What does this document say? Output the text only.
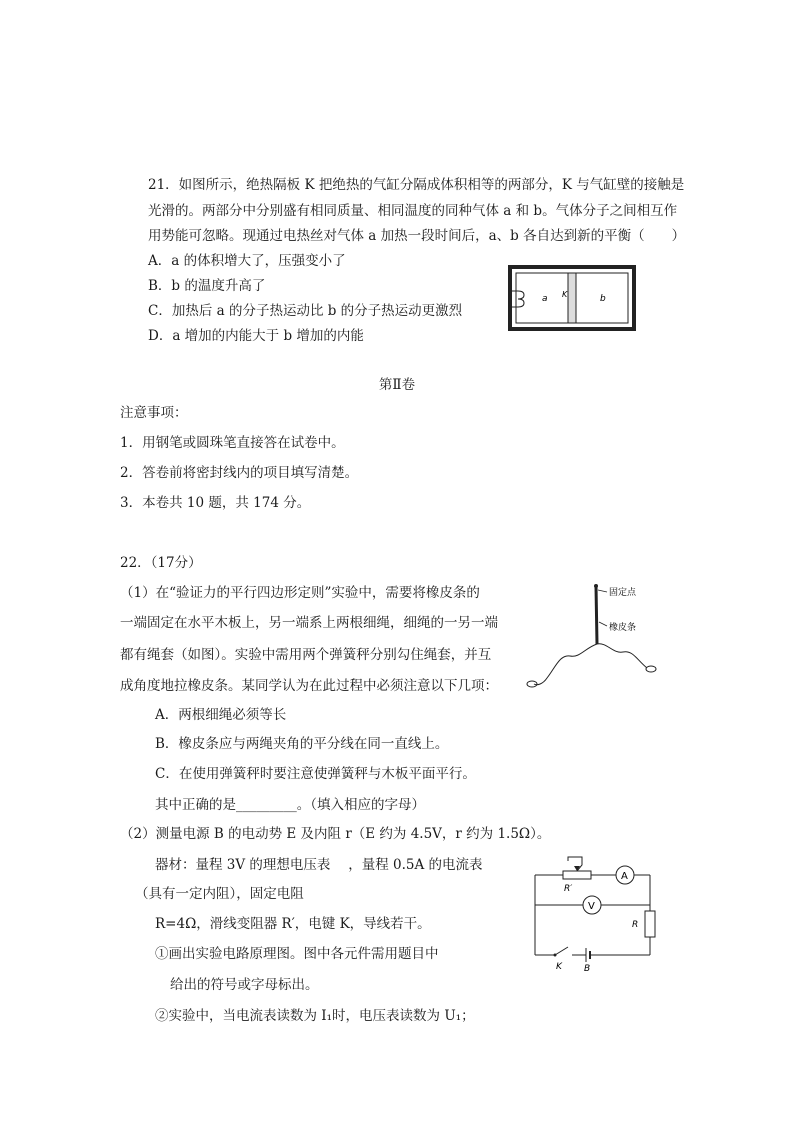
21．如图所示，绝热隔板 K 把绝热的气缸分隔成体积相等的两部分，K 与气缸壁的接触是
光滑的。两部分中分别盛有相同质量、相同温度的同种气体 a 和 b。气体分子之间相互作
用势能可忽略。现通过电热丝对气体 a 加热一段时间后，a、b 各自达到新的平衡（　　）
A．a 的体积增大了，压强变小了
B．b 的温度升高了
C．加热后 a 的分子热运动比 b 的分子热运动更激烈
D．a 增加的内能大于 b 增加的内能
a K	b
第Ⅱ卷
注意事项：
1．用钢笔或圆珠笔直接答在试卷中。
2．答卷前将密封线内的项目填写清楚。
3．本卷共 10 题，共 174 分。
22．（17分）
（1）在“验证力的平行四边形定则”实验中，需要将橡皮条的
一端固定在水平木板上，另一端系上两根细绳，细绳的一另一端
都有绳套（如图）。实验中需用两个弹簧秤分别勾住绳套，并互
成角度地拉橡皮条。某同学认为在此过程中必须注意以下几项：
A．两根细绳必须等长
B．橡皮条应与两绳夹角的平分线在同一直线上。
C．在使用弹簧秤时要注意使弹簧秤与木板平面平行。
其中正确的是_________。（填入相应的字母）
固定点
橡皮条
（2）测量电源 B 的电动势 E 及内阻 r（E 约为 4.5V，r 约为 1.5Ω）。
器材：量程 3V 的理想电压表 　，量程 0.5A 的电流表
（具有一定内阻），固定电阻
R=4Ω，滑线变阻器 R′，电键 K，导线若干。
①画出实验电路原理图。图中各元件需用题目中
给出的符号或字母标出。
②实验中，当电流表读数为 I₁时，电压表读数为 U₁；
A
R′
R
V
K B
